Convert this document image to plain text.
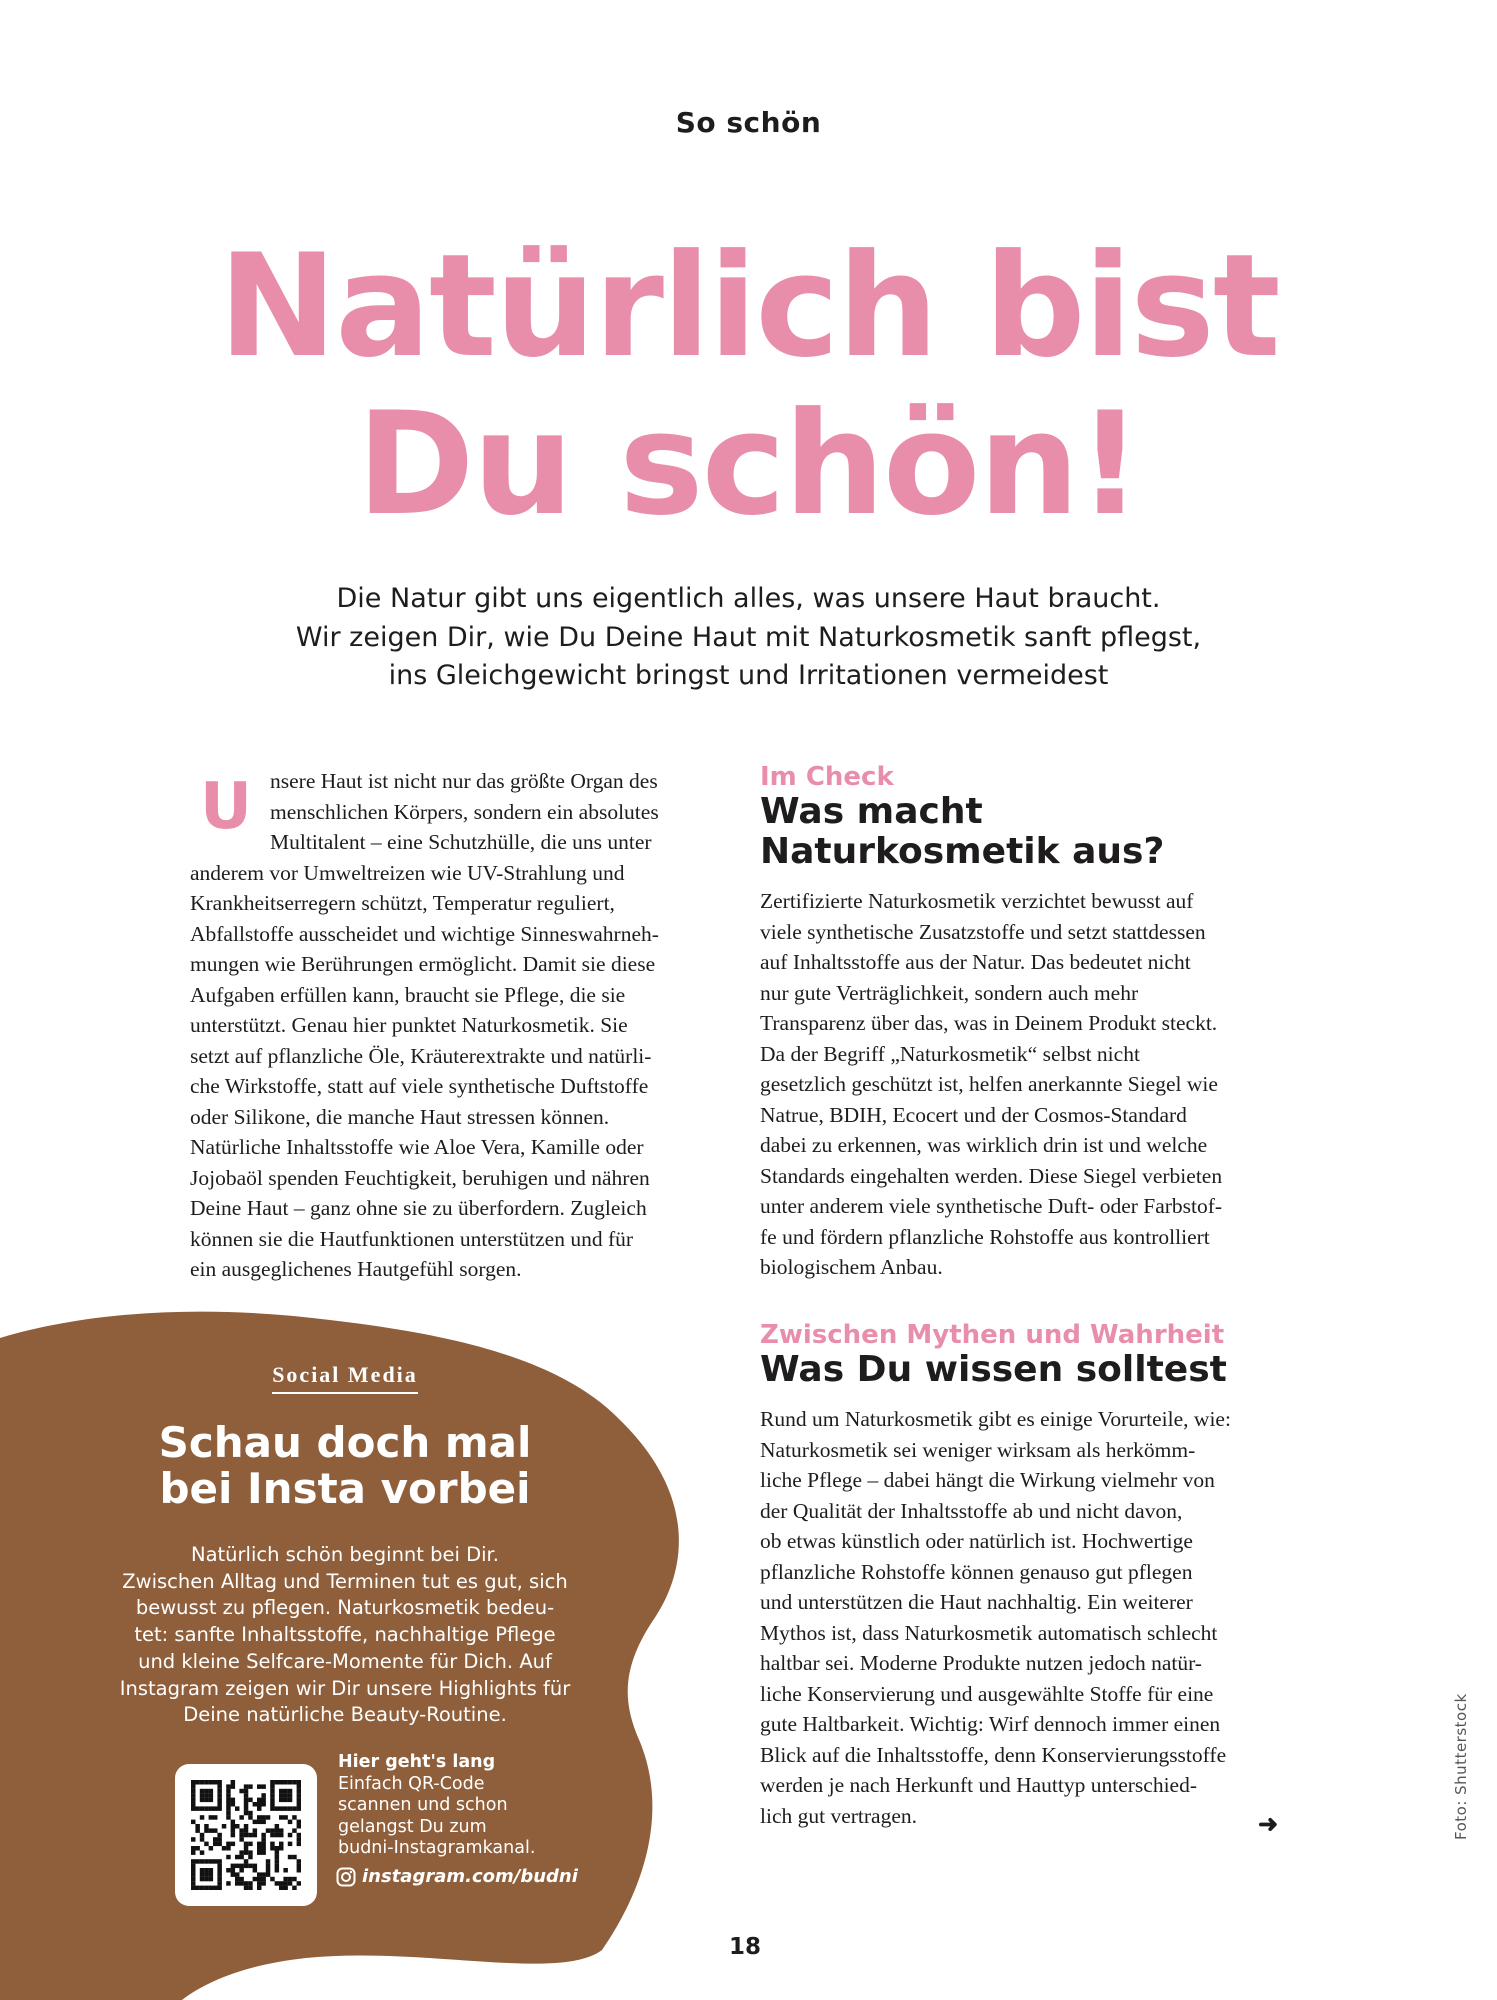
So schön
Natürlich bist
Du schön!
Die Natur gibt uns eigentlich alles, was unsere Haut braucht.
Wir zeigen Dir, wie Du Deine Haut mit Naturkosmetik sanft pflegst,
ins Gleichgewicht bringst und Irritationen vermeidest
U nsere Haut ist nicht nur das größte Organ des
menschlichen Körpers, sondern ein absolutes
Multitalent – eine Schutzhülle, die uns unter
anderem vor Umweltreizen wie UV-Strahlung und
Krankheitserregern schützt, Temperatur reguliert,
Abfallstoffe ausscheidet und wichtige Sinneswahrneh-
mungen wie Berührungen ermöglicht. Damit sie diese
Aufgaben erfüllen kann, braucht sie Pflege, die sie
unterstützt. Genau hier punktet Naturkosmetik. Sie
setzt auf pflanzliche Öle, Kräuterextrakte und natürli-
che Wirkstoffe, statt auf viele synthetische Duftstoffe
oder Silikone, die manche Haut stressen können.
Natürliche Inhaltsstoffe wie Aloe Vera, Kamille oder
Jojobaöl spenden Feuchtigkeit, beruhigen und nähren
Deine Haut – ganz ohne sie zu überfordern. Zugleich
können sie die Hautfunktionen unterstützen und für
ein ausgeglichenes Hautgefühl sorgen.
Im Check
Was macht
Naturkosmetik aus?
Zertifizierte Naturkosmetik verzichtet bewusst auf
viele synthetische Zusatzstoffe und setzt stattdessen
auf Inhaltsstoffe aus der Natur. Das bedeutet nicht
nur gute Verträglichkeit, sondern auch mehr
Transparenz über das, was in Deinem Produkt steckt.
Da der Begriff „Naturkosmetik“ selbst nicht
gesetzlich geschützt ist, helfen anerkannte Siegel wie
Natrue, BDIH, Ecocert und der Cosmos-Standard
dabei zu erkennen, was wirklich drin ist und welche
Standards eingehalten werden. Diese Siegel verbieten
unter anderem viele synthetische Duft- oder Farbstof-
fe und fördern pflanzliche Rohstoffe aus kontrolliert
biologischem Anbau.
Zwischen Mythen und Wahrheit
Was Du wissen solltest
Rund um Naturkosmetik gibt es einige Vorurteile, wie:
Naturkosmetik sei weniger wirksam als herkömm-
liche Pflege – dabei hängt die Wirkung vielmehr von
der Qualität der Inhaltsstoffe ab und nicht davon,
ob etwas künstlich oder natürlich ist. Hochwertige
pflanzliche Rohstoffe können genauso gut pflegen
und unterstützen die Haut nachhaltig. Ein weiterer
Mythos ist, dass Naturkosmetik automatisch schlecht
haltbar sei. Moderne Produkte nutzen jedoch natür-
liche Konservierung und ausgewählte Stoffe für eine
gute Haltbarkeit. Wichtig: Wirf dennoch immer einen
Blick auf die Inhaltsstoffe, denn Konservierungsstoffe
werden je nach Herkunft und Hauttyp unterschied-
lich gut vertragen.	➜	Foto: Shutterstock
18
Social Media
Schau doch mal
bei Insta vorbei
Natürlich schön beginnt bei Dir.
Zwischen Alltag und Terminen tut es gut, sich
bewusst zu pflegen. Naturkosmetik bedeu-
tet: sanfte Inhaltsstoffe, nachhaltige Pflege
und kleine Selfcare-Momente für Dich. Auf
Instagram zeigen wir Dir unsere Highlights für
Deine natürliche Beauty-Routine.
Hier geht's lang
Einfach QR-Code
scannen und schon
gelangst Du zum
budni-Instagramkanal.
instagram.com/budni
